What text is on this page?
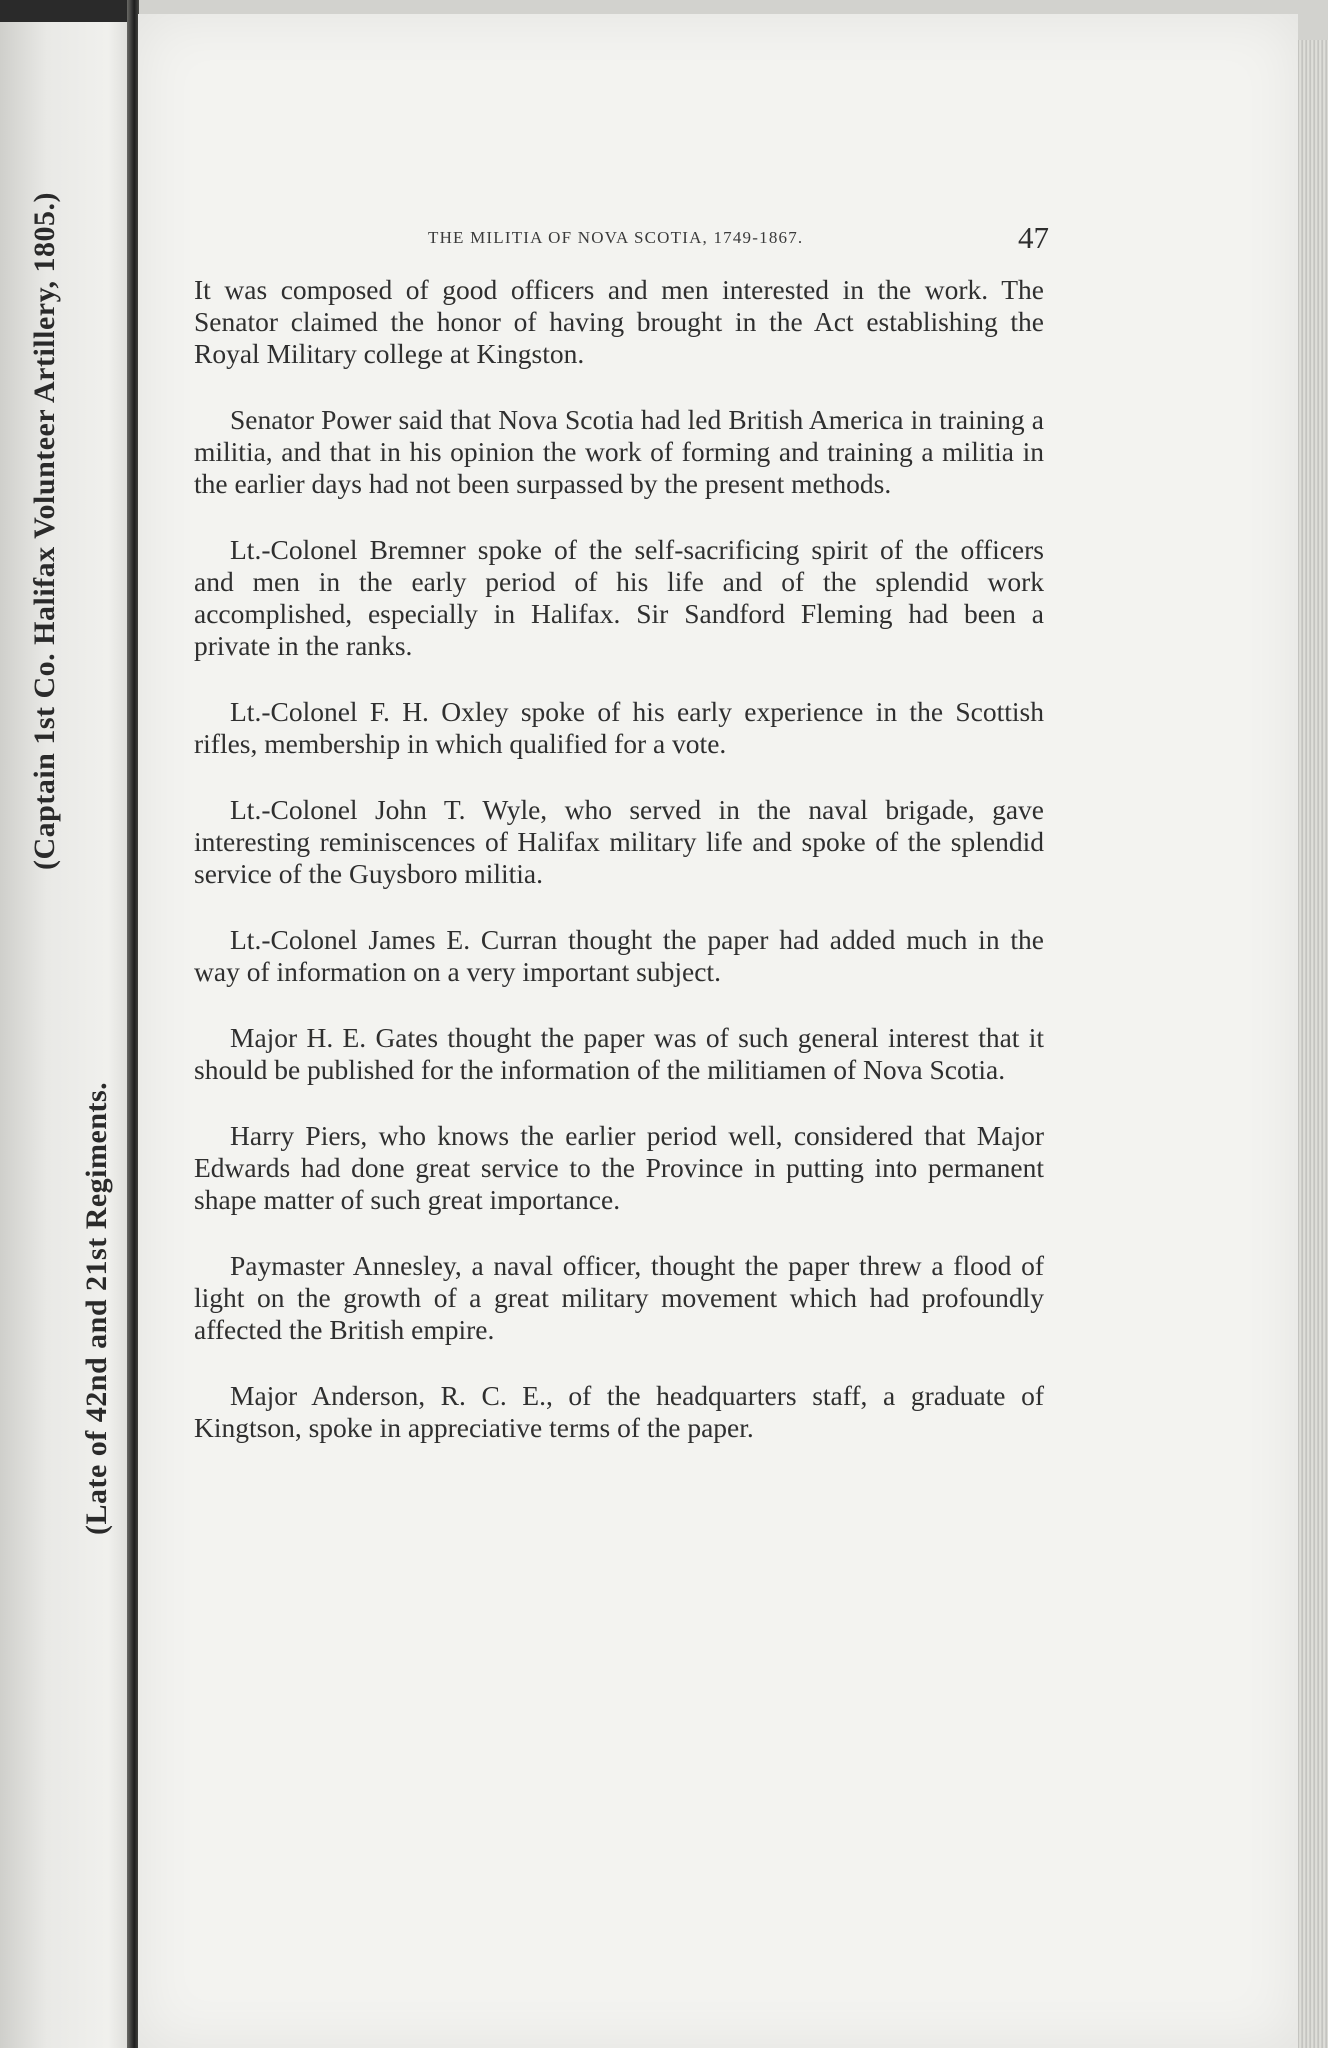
(Captain 1st Co. Halifax Volunteer Artillery, 1805.)
(Late of 42nd and 21st Regiments.
THE MILITIA OF NOVA SCOTIA, 1749-1867.	47

It was composed of good officers and men interested in the work. The Senator claimed the honor of having brought in the Act establishing the Royal Military college at Kingston.

Senator Power said that Nova Scotia had led British America in training a militia, and that in his opinion the work of forming and training a militia in the earlier days had not been surpassed by the present methods.

Lt.-Colonel Bremner spoke of the self-sacrificing spirit of the officers and men in the early period of his life and of the splendid work accomplished, especially in Halifax. Sir Sandford Fleming had been a private in the ranks.

Lt.-Colonel F. H. Oxley spoke of his early experience in the Scottish rifles, membership in which qualified for a vote.

Lt.-Colonel John T. Wyle, who served in the naval brigade, gave interesting reminiscences of Halifax military life and spoke of the splendid service of the Guysboro militia.

Lt.-Colonel James E. Curran thought the paper had added much in the way of information on a very important subject.

Major H. E. Gates thought the paper was of such general interest that it should be published for the information of the militiamen of Nova Scotia.

Harry Piers, who knows the earlier period well, considered that Major Edwards had done great service to the Province in putting into permanent shape matter of such great importance.

Paymaster Annesley, a naval officer, thought the paper threw a flood of light on the growth of a great military movement which had profoundly affected the British empire.

Major Anderson, R. C. E., of the headquarters staff, a graduate of Kingtson, spoke in appreciative terms of the paper.
